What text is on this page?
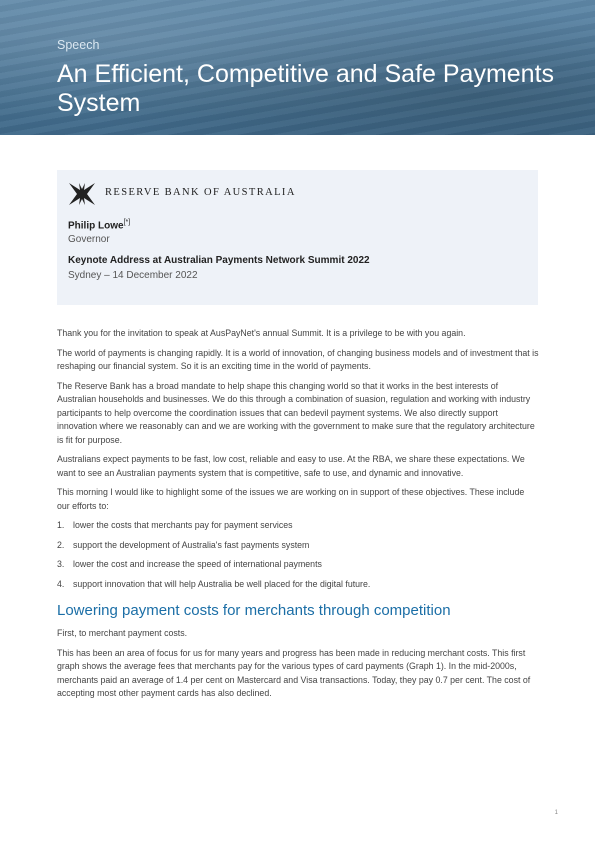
Speech
An Efficient, Competitive and Safe Payments System
RESERVE BANK OF AUSTRALIA
Philip Lowe[*]
Governor
Keynote Address at Australian Payments Network Summit 2022
Sydney – 14 December 2022

Thank you for the invitation to speak at AusPayNet's annual Summit. It is a privilege to be with you again.

The world of payments is changing rapidly. It is a world of innovation, of changing business models and of investment that is reshaping our financial system. So it is an exciting time in the world of payments.

The Reserve Bank has a broad mandate to help shape this changing world so that it works in the best interests of Australian households and businesses. We do this through a combination of suasion, regulation and working with industry participants to help overcome the coordination issues that can bedevil payment systems. We also directly support innovation where we reasonably can and we are working with the government to make sure that the regulatory architecture is fit for purpose.

Australians expect payments to be fast, low cost, reliable and easy to use. At the RBA, we share these expectations. We want to see an Australian payments system that is competitive, safe to use, and dynamic and innovative.

This morning I would like to highlight some of the issues we are working on in support of these objectives. These include our efforts to:

1. lower the costs that merchants pay for payment services
2. support the development of Australia's fast payments system
3. lower the cost and increase the speed of international payments
4. support innovation that will help Australia be well placed for the digital future.
Lowering payment costs for merchants through competition

First, to merchant payment costs.

This has been an area of focus for us for many years and progress has been made in reducing merchant costs. This first graph shows the average fees that merchants pay for the various types of card payments (Graph 1). In the mid-2000s, merchants paid an average of 1.4 per cent on Mastercard and Visa transactions. Today, they pay 0.7 per cent. The cost of accepting most other payment cards has also declined.

1
